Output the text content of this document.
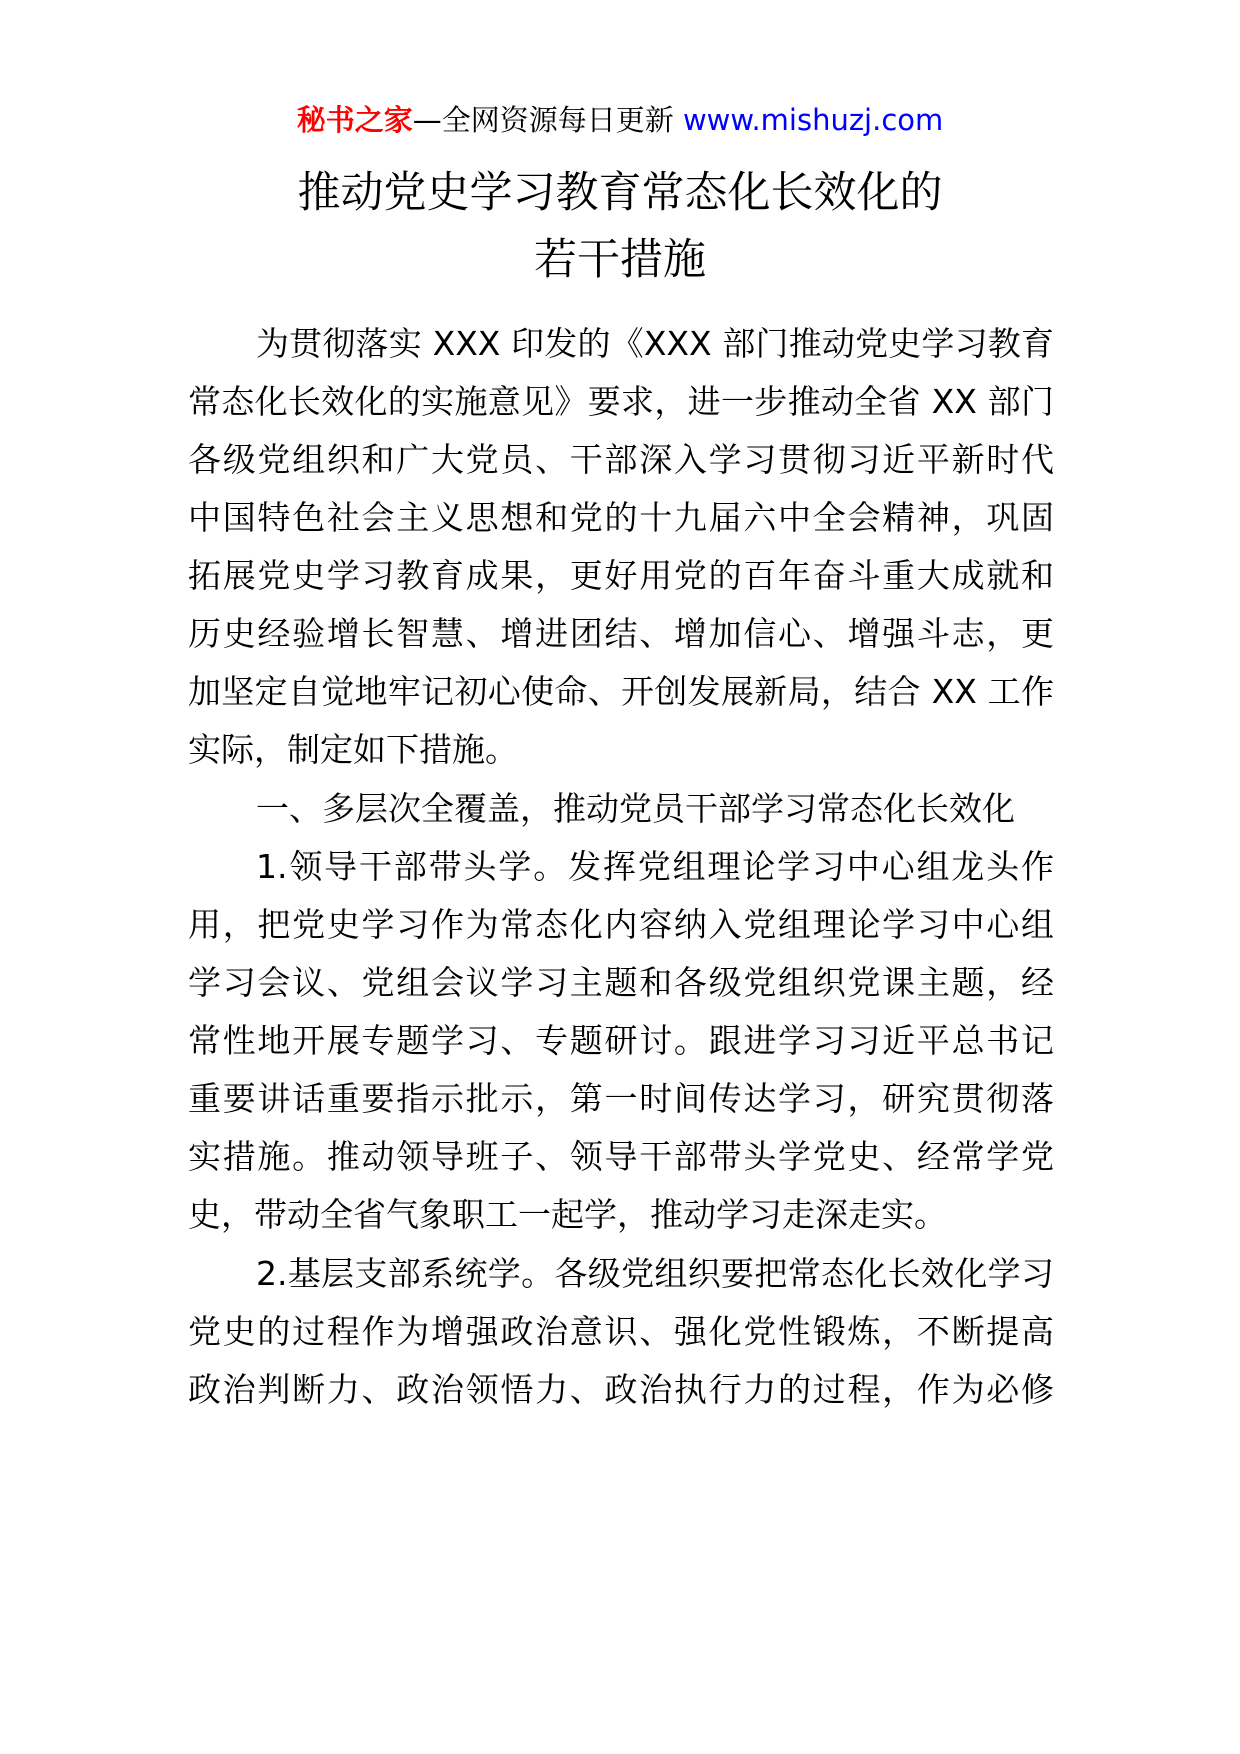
秘书之家—全网资源每日更新 www.mishuzj.com
推动党史学习教育常态化长效化的
若干措施
为贯彻落实 XXX 印发的《XXX 部门推动党史学习教育
常态化长效化的实施意见》要求，进一步推动全省 XX 部门
各级党组织和广大党员、干部深入学习贯彻习近平新时代
中国特色社会主义思想和党的十九届六中全会精神，巩固
拓展党史学习教育成果，更好用党的百年奋斗重大成就和
历史经验增长智慧、增进团结、增加信心、增强斗志，更
加坚定自觉地牢记初心使命、开创发展新局，结合 XX 工作
实际，制定如下措施。
一、多层次全覆盖，推动党员干部学习常态化长效化
1.领导干部带头学。发挥党组理论学习中心组龙头作
用，把党史学习作为常态化内容纳入党组理论学习中心组
学习会议、党组会议学习主题和各级党组织党课主题，经
常性地开展专题学习、专题研讨。跟进学习习近平总书记
重要讲话重要指示批示，第一时间传达学习，研究贯彻落
实措施。推动领导班子、领导干部带头学党史、经常学党
史，带动全省气象职工一起学，推动学习走深走实。
2.基层支部系统学。各级党组织要把常态化长效化学习
党史的过程作为增强政治意识、强化党性锻炼，不断提高
政治判断力、政治领悟力、政治执行力的过程，作为必修
